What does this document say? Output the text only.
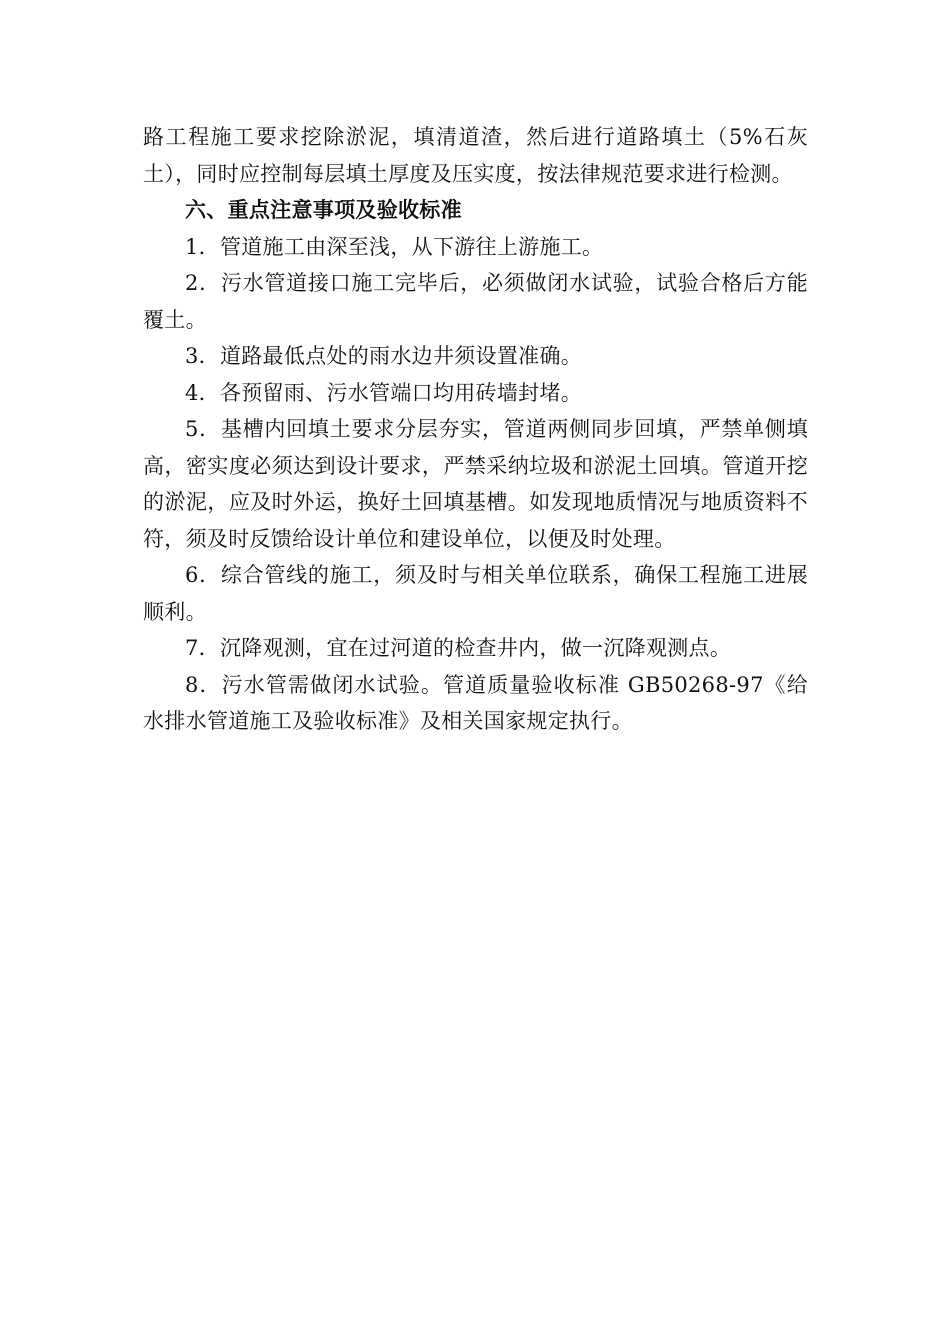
路工程施工要求挖除淤泥，填清道渣，然后进行道路填土（5%石灰土），同时应控制每层填土厚度及压实度，按法律规范要求进行检测。

六、重点注意事项及验收标准

1．管道施工由深至浅，从下游往上游施工。

2．污水管道接口施工完毕后，必须做闭水试验，试验合格后方能覆土。

3．道路最低点处的雨水边井须设置准确。

4．各预留雨、污水管端口均用砖墙封堵。

5．基槽内回填土要求分层夯实，管道两侧同步回填，严禁单侧填高，密实度必须达到设计要求，严禁采纳垃圾和淤泥土回填。管道开挖的淤泥，应及时外运，换好土回填基槽。如发现地质情况与地质资料不符，须及时反馈给设计单位和建设单位，以便及时处理。

6．综合管线的施工，须及时与相关单位联系，确保工程施工进展顺利。

7．沉降观测，宜在过河道的检查井内，做一沉降观测点。

8．污水管需做闭水试验。管道质量验收标准 GB50268-97《给水排水管道施工及验收标准》及相关国家规定执行。
